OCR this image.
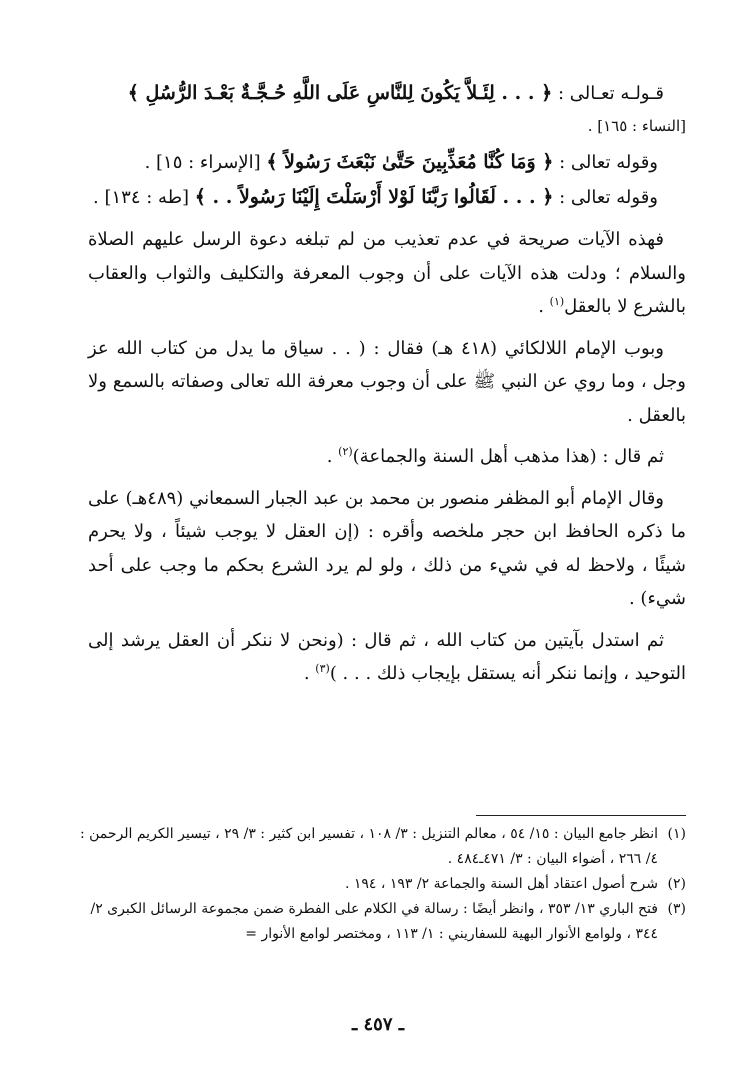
قـولـه تعـالى : ﴿ . . . لِئَـلاَّ يَكُونَ لِلنَّاسِ عَلَى اللَّهِ حُـجَّـةٌ بَعْـدَ الرُّسُلِ ﴾

[النساء : ١٦٥] .

وقوله تعالى : ﴿ وَمَا كُنَّا مُعَذِّبِينَ حَتَّىٰ نَبْعَثَ رَسُولاً ﴾ [الإسراء : ١٥] .

وقوله تعالى : ﴿ . . . لَقَالُوا رَبَّنَا لَوْلا أَرْسَلْتَ إِلَيْنَا رَسُولاً . . ﴾ [طه : ١٣٤] .

فهذه الآيات صريحة في عدم تعذيب من لم تبلغه دعوة الرسل عليهم الصلاة والسلام ؛ ودلت هذه الآيات على أن وجوب المعرفة والتكليف والثواب والعقاب بالشرع لا بالعقل$^{(١)}$ .

وبوب الإمام اللالكائي (٤١٨ هـ) فقال : ( . . سياق ما يدل من كتاب الله عز وجل ، وما روي عن النبي ﷺ على أن وجوب معرفة الله تعالى وصفاته بالسمع ولا بالعقل .

ثم قال : (هذا مذهب أهل السنة والجماعة)$^{(٢)}$ .

وقال الإمام أبو المظفر منصور بن محمد بن عبد الجبار السمعاني (٤٨٩هـ) على ما ذكره الحافظ ابن حجر ملخصه وأقره : (إن العقل لا يوجب شيئاً ، ولا يحرم شيئًا ، ولاحظ له في شيء من ذلك ، ولو لم يرد الشرع بحكم ما وجب على أحد شيء) .

ثم استدل بآيتين من كتاب الله ، ثم قال : (ونحن لا ننكر أن العقل يرشد إلى التوحيد ، وإنما ننكر أنه يستقل بإيجاب ذلك . . . )$^{(٣)}$ .

(١)
انظر جامع البيان : ١٥/ ٥٤ ، معالم التنزيل : ٣/ ١٠٨ ، تفسير ابن كثير : ٣/ ٢٩ ، تيسير الكريم الرحمن : ٤/ ٢٦٦ ، أضواء البيان : ٣/ ٤٧١ـ٤٨٤ .
(٢)
شرح أصول اعتقاد أهل السنة والجماعة ٢/ ١٩٣ ، ١٩٤ .
(٣)
فتح الباري ١٣/ ٣٥٣ ، وانظر أيضًا : رسالة في الكلام على الفطرة ضمن مجموعة الرسائل الكبرى ٢/ ٣٤٤ ، ولوامع الأنوار البهية للسفاريني : ١/ ١١٣ ، ومختصر لوامع الأنوار =
ـ ٤٥٧ ـ
